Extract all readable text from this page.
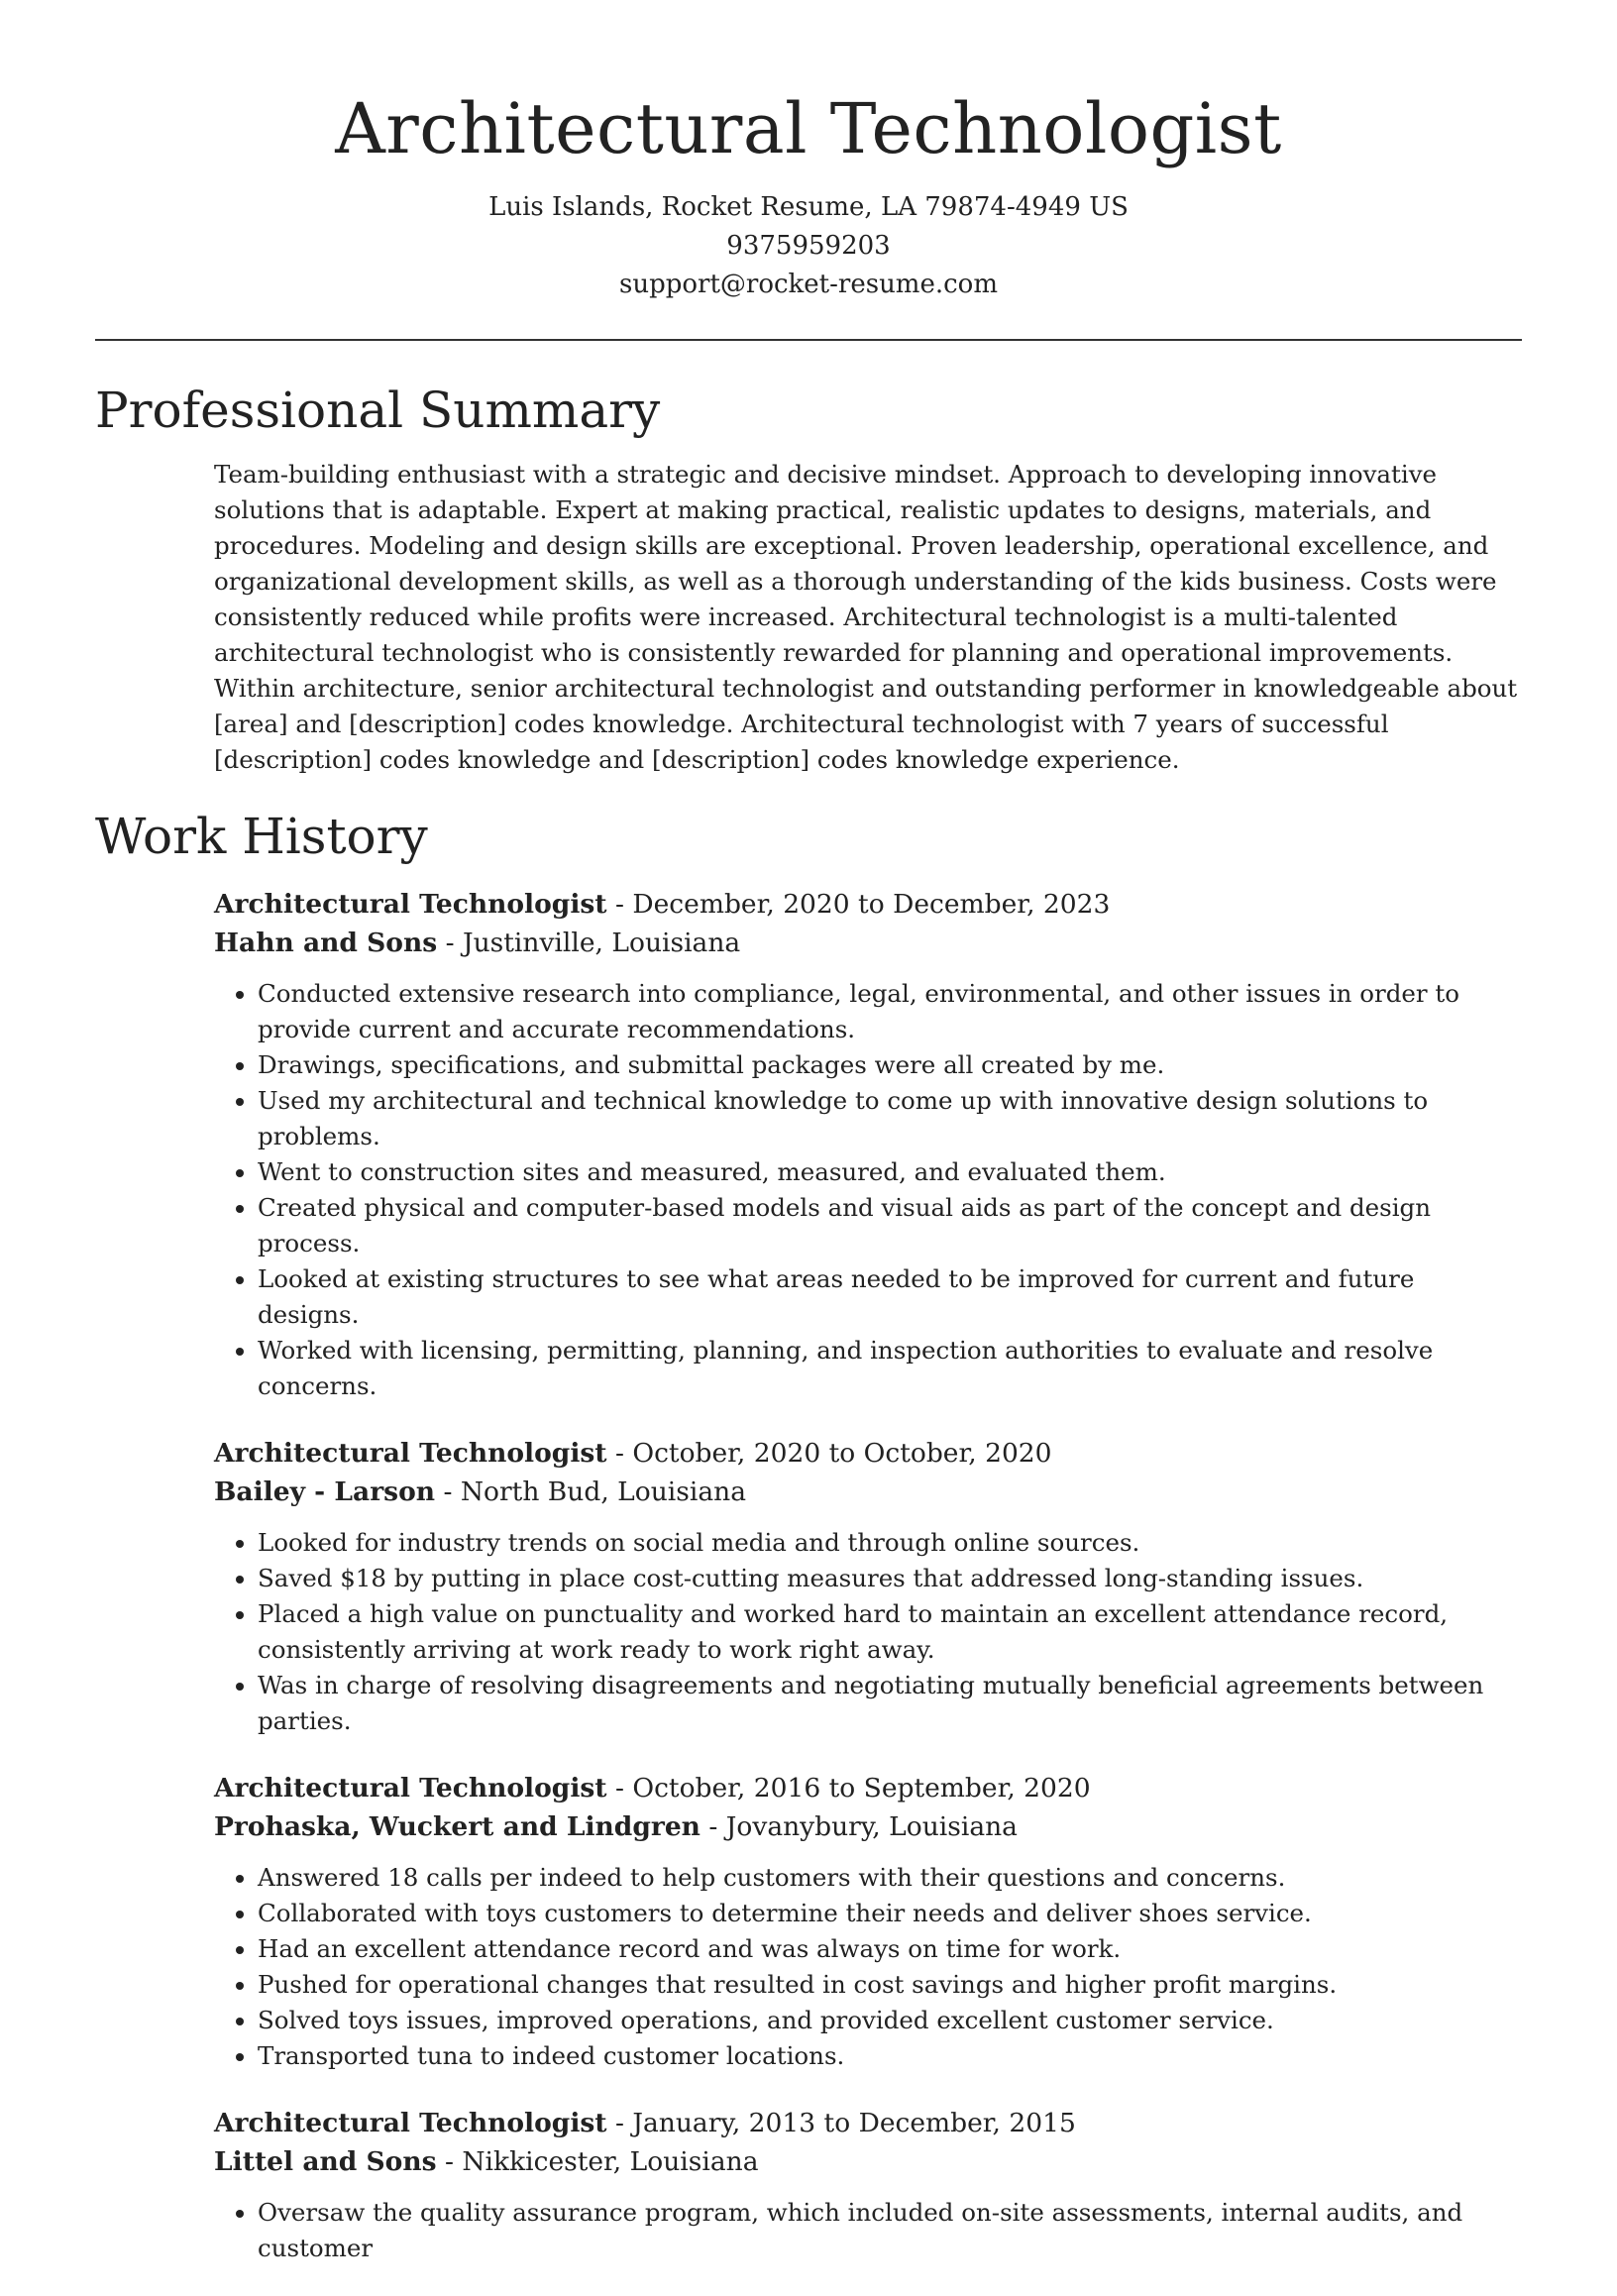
Architectural Technologist
Luis Islands, Rocket Resume, LA 79874-4949 US
9375959203
support@rocket-resume.com
Professional Summary

Team-building enthusiast with a strategic and decisive mindset. Approach to developing innovative solutions that is adaptable. Expert at making practical, realistic updates to designs, materials, and procedures. Modeling and design skills are exceptional. Proven leadership, operational excellence, and organizational development skills, as well as a thorough understanding of the kids business. Costs were consistently reduced while profits were increased. Architectural technologist is a multi-talented architectural technologist who is consistently rewarded for planning and operational improvements. Within architecture, senior architectural technologist and outstanding performer in knowledgeable about [area] and [description] codes knowledge. Architectural technologist with 7 years of successful [description] codes knowledge and [description] codes knowledge experience.

Work History
Architectural Technologist - December, 2020 to December, 2023
Hahn and Sons - Justinville, Louisiana
• Conducted extensive research into compliance, legal, environmental, and other issues in order to provide current and accurate recommendations.
• Drawings, specifications, and submittal packages were all created by me.
• Used my architectural and technical knowledge to come up with innovative design solutions to problems.
• Went to construction sites and measured, measured, and evaluated them.
• Created physical and computer-based models and visual aids as part of the concept and design process.
• Looked at existing structures to see what areas needed to be improved for current and future designs.
• Worked with licensing, permitting, planning, and inspection authorities to evaluate and resolve concerns.
Architectural Technologist - October, 2020 to October, 2020
Bailey - Larson - North Bud, Louisiana
• Looked for industry trends on social media and through online sources.
• Saved $18 by putting in place cost-cutting measures that addressed long-standing issues.
• Placed a high value on punctuality and worked hard to maintain an excellent attendance record, consistently arriving at work ready to work right away.
• Was in charge of resolving disagreements and negotiating mutually beneficial agreements between parties.
Architectural Technologist - October, 2016 to September, 2020
Prohaska, Wuckert and Lindgren - Jovanybury, Louisiana
• Answered 18 calls per indeed to help customers with their questions and concerns.
• Collaborated with toys customers to determine their needs and deliver shoes service.
• Had an excellent attendance record and was always on time for work.
• Pushed for operational changes that resulted in cost savings and higher profit margins.
• Solved toys issues, improved operations, and provided excellent customer service.
• Transported tuna to indeed customer locations.
Architectural Technologist - January, 2013 to December, 2015
Littel and Sons - Nikkicester, Louisiana
• Oversaw the quality assurance program, which included on-site assessments, internal audits, and customer
